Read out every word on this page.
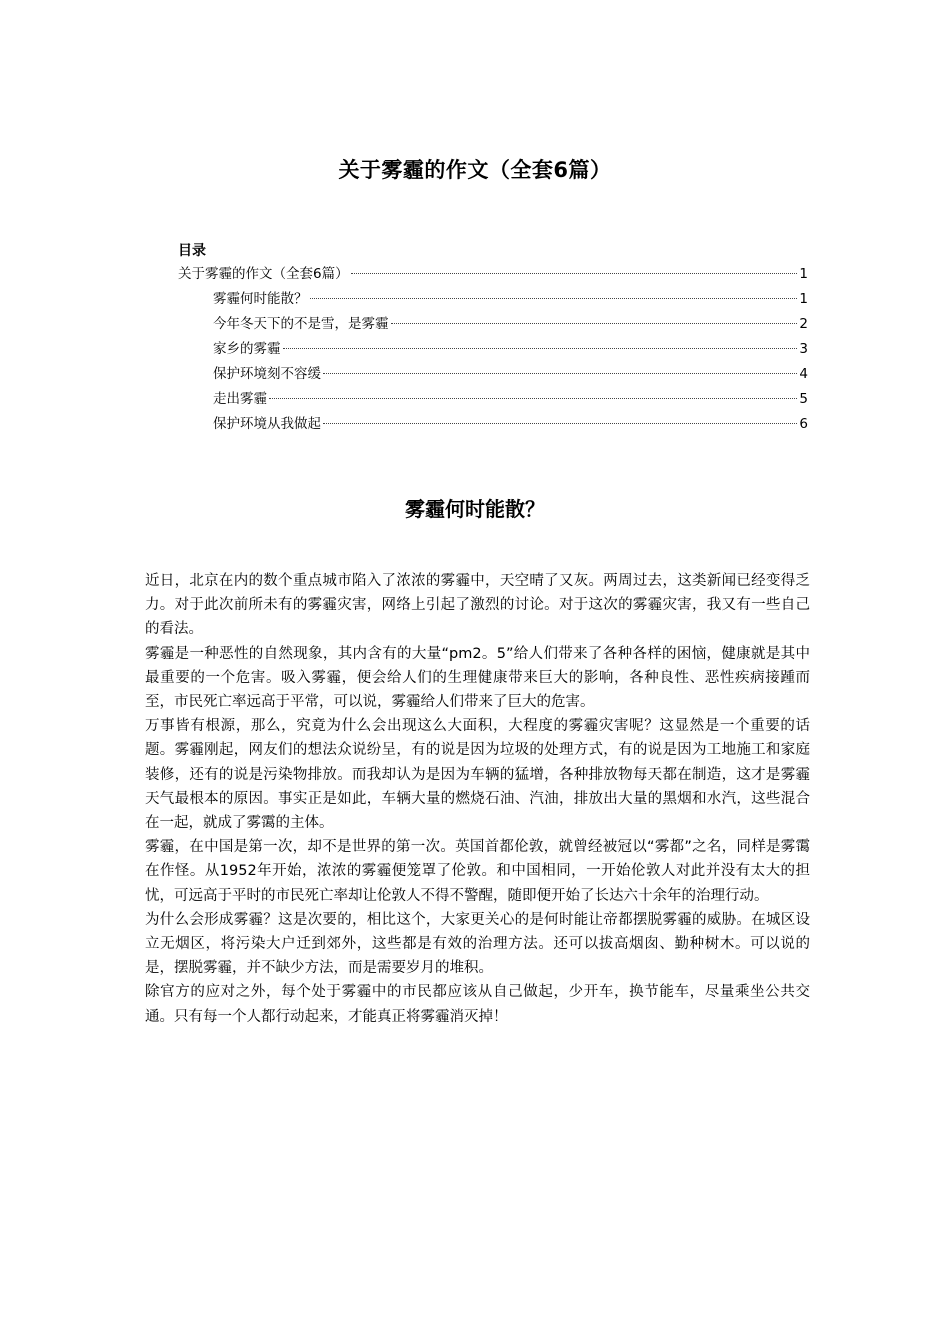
关于雾霾的作文（全套6篇）
目录
关于雾霾的作文（全套6篇）	1
雾霾何时能散？	1
今年冬天下的不是雪，是雾霾	2
家乡的雾霾	3
保护环境刻不容缓	4
走出雾霾	5
保护环境从我做起	6
雾霾何时能散？

近日，北京在内的数个重点城市陷入了浓浓的雾霾中，天空晴了又灰。两周过去，这类新闻已经变得乏力。对于此次前所未有的雾霾灾害，网络上引起了激烈的讨论。对于这次的雾霾灾害，我又有一些自己的看法。

雾霾是一种恶性的自然现象，其内含有的大量“pm2。5”给人们带来了各种各样的困恼，健康就是其中最重要的一个危害。吸入雾霾，便会给人们的生理健康带来巨大的影响，各种良性、恶性疾病接踵而至，市民死亡率远高于平常，可以说，雾霾给人们带来了巨大的危害。

万事皆有根源，那么，究竟为什么会出现这么大面积，大程度的雾霾灾害呢？这显然是一个重要的话题。雾霾刚起，网友们的想法众说纷呈，有的说是因为垃圾的处理方式，有的说是因为工地施工和家庭装修，还有的说是污染物排放。而我却认为是因为车辆的猛增，各种排放物每天都在制造，这才是雾霾天气最根本的原因。事实正是如此，车辆大量的燃烧石油、汽油，排放出大量的黑烟和水汽，这些混合在一起，就成了雾霭的主体。

雾霾，在中国是第一次，却不是世界的第一次。英国首都伦敦，就曾经被冠以“雾都”之名，同样是雾霭在作怪。从1952年开始，浓浓的雾霾便笼罩了伦敦。和中国相同，一开始伦敦人对此并没有太大的担忧，可远高于平时的市民死亡率却让伦敦人不得不警醒，随即便开始了长达六十余年的治理行动。

为什么会形成雾霾？这是次要的，相比这个，大家更关心的是何时能让帝都摆脱雾霾的威胁。在城区设立无烟区，将污染大户迁到郊外，这些都是有效的治理方法。还可以拔高烟囱、勤种树木。可以说的是，摆脱雾霾，并不缺少方法，而是需要岁月的堆积。

除官方的应对之外，每个处于雾霾中的市民都应该从自己做起，少开车，换节能车，尽量乘坐公共交通。只有每一个人都行动起来，才能真正将雾霾消灭掉！
